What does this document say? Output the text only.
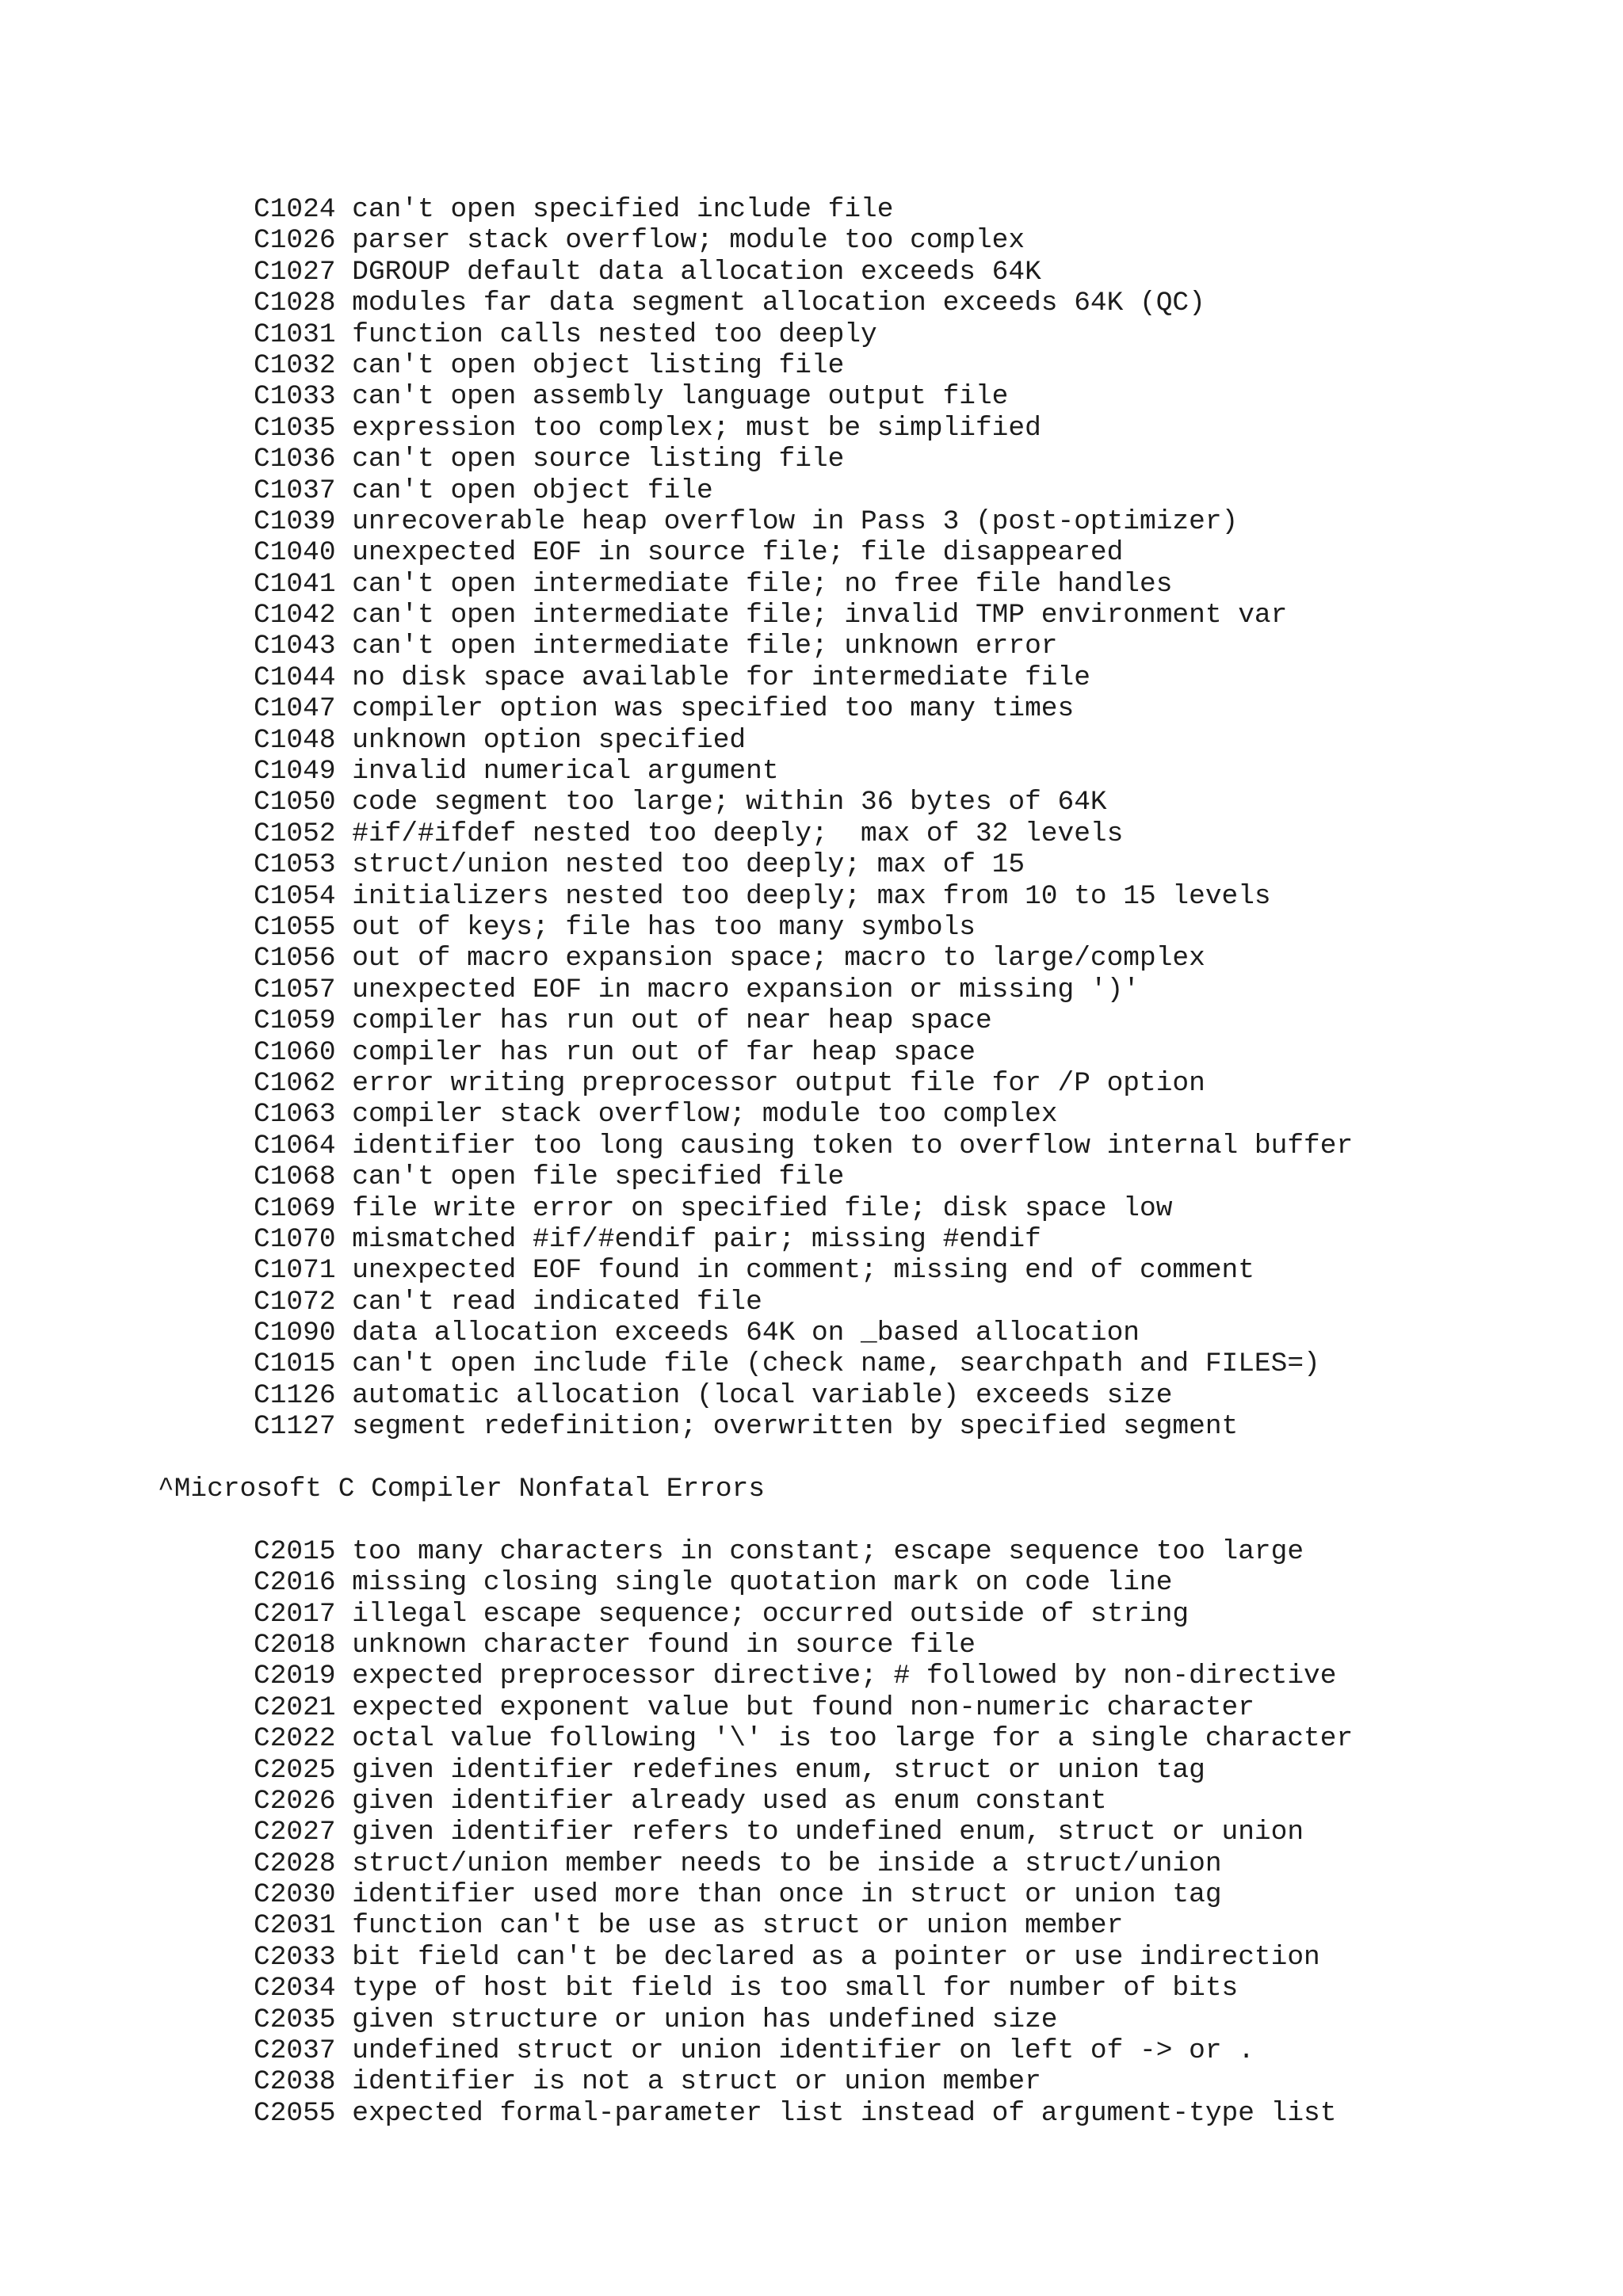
C1024 can't open specified include file
C1026 parser stack overflow; module too complex
C1027 DGROUP default data allocation exceeds 64K
C1028 modules far data segment allocation exceeds 64K (QC)
C1031 function calls nested too deeply
C1032 can't open object listing file
C1033 can't open assembly language output file
C1035 expression too complex; must be simplified
C1036 can't open source listing file
C1037 can't open object file
C1039 unrecoverable heap overflow in Pass 3 (post-optimizer)
C1040 unexpected EOF in source file; file disappeared
C1041 can't open intermediate file; no free file handles
C1042 can't open intermediate file; invalid TMP environment var
C1043 can't open intermediate file; unknown error
C1044 no disk space available for intermediate file
C1047 compiler option was specified too many times
C1048 unknown option specified
C1049 invalid numerical argument
C1050 code segment too large; within 36 bytes of 64K
C1052 #if/#ifdef nested too deeply;  max of 32 levels
C1053 struct/union nested too deeply; max of 15
C1054 initializers nested too deeply; max from 10 to 15 levels
C1055 out of keys; file has too many symbols
C1056 out of macro expansion space; macro to large/complex
C1057 unexpected EOF in macro expansion or missing ')'
C1059 compiler has run out of near heap space
C1060 compiler has run out of far heap space
C1062 error writing preprocessor output file for /P option
C1063 compiler stack overflow; module too complex
C1064 identifier too long causing token to overflow internal buffer
C1068 can't open file specified file
C1069 file write error on specified file; disk space low
C1070 mismatched #if/#endif pair; missing #endif
C1071 unexpected EOF found in comment; missing end of comment
C1072 can't read indicated file
C1090 data allocation exceeds 64K on _based allocation
C1015 can't open include file (check name, searchpath and FILES=)
C1126 automatic allocation (local variable) exceeds size
C1127 segment redefinition; overwritten by specified segment
^Microsoft C Compiler Nonfatal Errors
C2015 too many characters in constant; escape sequence too large
C2016 missing closing single quotation mark on code line
C2017 illegal escape sequence; occurred outside of string
C2018 unknown character found in source file
C2019 expected preprocessor directive; # followed by non-directive
C2021 expected exponent value but found non-numeric character
C2022 octal value following '\' is too large for a single character
C2025 given identifier redefines enum, struct or union tag
C2026 given identifier already used as enum constant
C2027 given identifier refers to undefined enum, struct or union
C2028 struct/union member needs to be inside a struct/union
C2030 identifier used more than once in struct or union tag
C2031 function can't be use as struct or union member
C2033 bit field can't be declared as a pointer or use indirection
C2034 type of host bit field is too small for number of bits
C2035 given structure or union has undefined size
C2037 undefined struct or union identifier on left of -> or .
C2038 identifier is not a struct or union member
C2055 expected formal-parameter list instead of argument-type list
